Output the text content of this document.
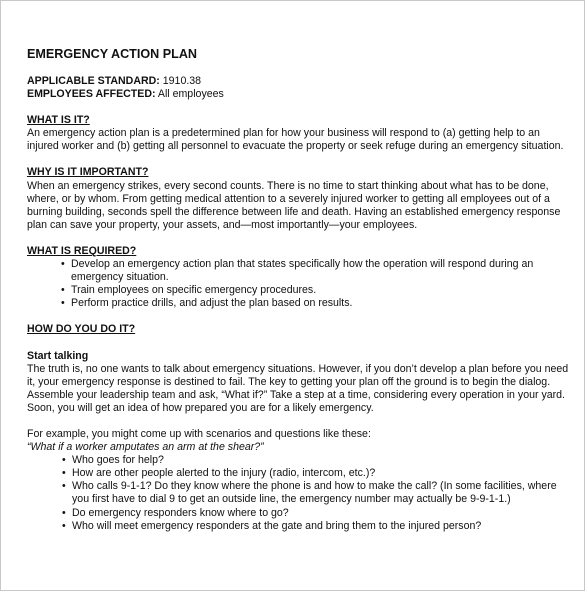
EMERGENCY ACTION PLAN

APPLICABLE STANDARD: 1910.38

EMPLOYEES AFFECTED: All employees

WHAT IS IT?

An emergency action plan is a predetermined plan for how your business will respond to (a) getting help to an injured worker and (b) getting all personnel to evacuate the property or seek refuge during an emergency situation.

WHY IS IT IMPORTANT?

When an emergency strikes, every second counts. There is no time to start thinking about what has to be done, where, or by whom. From getting medical attention to a severely injured worker to getting all employees out of a burning building, seconds spell the difference between life and death. Having an established emergency response plan can save your property, your assets, and—most importantly—your employees.

WHAT IS REQUIRED?

• Develop an emergency action plan that states specifically how the operation will respond during an emergency situation.
• Train employees on specific emergency procedures.
• Perform practice drills, and adjust the plan based on results.

HOW DO YOU DO IT?

Start talking

The truth is, no one wants to talk about emergency situations. However, if you don’t develop a plan before you need it, your emergency response is destined to fail. The key to getting your plan off the ground is to begin the dialog. Assemble your leadership team and ask, “What if?” Take a step at a time, considering every operation in your yard. Soon, you will get an idea of how prepared you are for a likely emergency.

For example, you might come up with scenarios and questions like these:

“What if a worker amputates an arm at the shear?”

• Who goes for help?
• How are other people alerted to the injury (radio, intercom, etc.)?
• Who calls 9-1-1? Do they know where the phone is and how to make the call? (In some facilities, where you first have to dial 9 to get an outside line, the emergency number may actually be 9-9-1-1.)
• Do emergency responders know where to go?
• Who will meet emergency responders at the gate and bring them to the injured person?
